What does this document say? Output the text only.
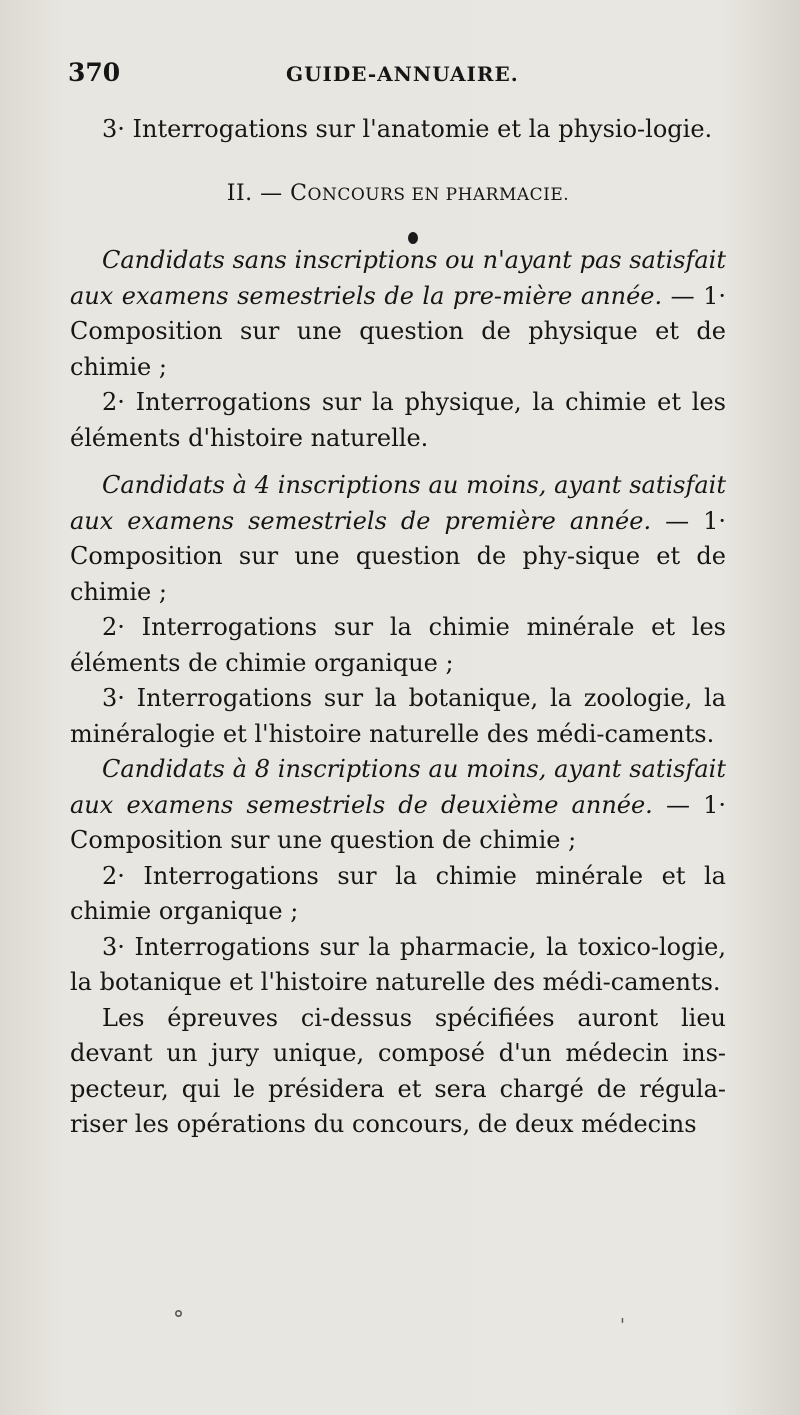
370	GUIDE-ANNUAIRE.

3· Interrogations sur l'anatomie et la physio-logie.

II. — CONCOURS EN PHARMACIE.

Candidats sans inscriptions ou n'ayant pas satisfait aux examens semestriels de la pre-mière année. — 1· Composition sur une question de physique et de chimie ;

2· Interrogations sur la physique, la chimie et les éléments d'histoire naturelle.

Candidats à 4 inscriptions au moins, ayant satisfait aux examens semestriels de première année. — 1· Composition sur une question de phy-sique et de chimie ;

2· Interrogations sur la chimie minérale et les éléments de chimie organique ;

3· Interrogations sur la botanique, la zoologie, la minéralogie et l'histoire naturelle des médi-caments.

Candidats à 8 inscriptions au moins, ayant satisfait aux examens semestriels de deuxième année. — 1· Composition sur une question de chimie ;

2· Interrogations sur la chimie minérale et la chimie organique ;

3· Interrogations sur la pharmacie, la toxico-logie, la botanique et l'histoire naturelle des médi-caments.

Les épreuves ci-dessus spécifiées auront lieu devant un jury unique, composé d'un médecin ins-pecteur, qui le présidera et sera chargé de régula-riser les opérations du concours, de deux médecins

˚	'
